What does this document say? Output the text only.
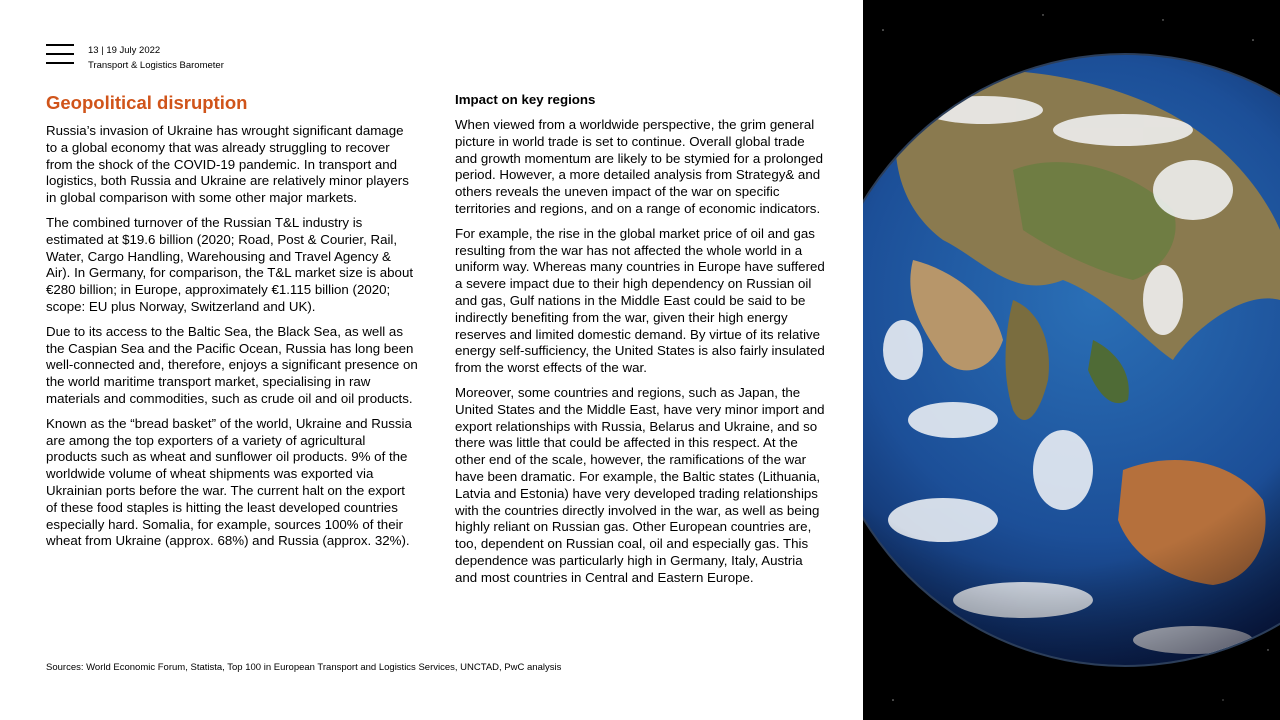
13 | 19 July 2022
Transport & Logistics Barometer
Geopolitical disruption

Russia’s invasion of Ukraine has wrought significant damage to a global economy that was already struggling to recover from the shock of the COVID-19 pandemic. In transport and logistics, both Russia and Ukraine are relatively minor players in global comparison with some other major markets.

The combined turnover of the Russian T&L industry is estimated at $19.6 billion (2020; Road, Post & Courier, Rail, Water, Cargo Handling, Warehousing and Travel Agency & Air). In Germany, for comparison, the T&L market size is about €280 billion; in Europe, approximately €1.115 billion (2020; scope: EU plus Norway, Switzerland and UK).

Due to its access to the Baltic Sea, the Black Sea, as well as the Caspian Sea and the Pacific Ocean, Russia has long been well-connected and, therefore, enjoys a significant presence on the world maritime transport market, specialising in raw materials and commodities, such as crude oil and oil products.

Known as the “bread basket” of the world, Ukraine and Russia are among the top exporters of a variety of agricultural products such as wheat and sunflower oil products. 9% of the worldwide volume of wheat shipments was exported via Ukrainian ports before the war. The current halt on the export of these food staples is hitting the least developed countries especially hard. Somalia, for example, sources 100% of their wheat from Ukraine (approx. 68%) and Russia (approx. 32%).

Impact on key regions

When viewed from a worldwide perspective, the grim general picture in world trade is set to continue. Overall global trade and growth momentum are likely to be stymied for a prolonged period. However, a more detailed analysis from Strategy& and others reveals the uneven impact of the war on specific territories and regions, and on a range of economic indicators.

For example, the rise in the global market price of oil and gas resulting from the war has not affected the whole world in a uniform way. Whereas many countries in Europe have suffered a severe impact due to their high dependency on Russian oil and gas, Gulf nations in the Middle East could be said to be indirectly benefiting from the war, given their high energy reserves and limited domestic demand. By virtue of its relative energy self-sufficiency, the United States is also fairly insulated from the worst effects of the war.

Moreover, some countries and regions, such as Japan, the United States and the Middle East, have very minor import and export relationships with Russia, Belarus and Ukraine, and so there was little that could be affected in this respect. At the other end of the scale, however, the ramifications of the war have been dramatic. For example, the Baltic states (Lithuania, Latvia and Estonia) have very developed trading relationships with the countries directly involved in the war, as well as being highly reliant on Russian gas. Other European countries are, too, dependent on Russian coal, oil and especially gas. This dependence was particularly high in Germany, Italy, Austria and most countries in Central and Eastern Europe.

Sources: World Economic Forum, Statista, Top 100 in European Transport and Logistics Services, UNCTAD, PwC analysis
